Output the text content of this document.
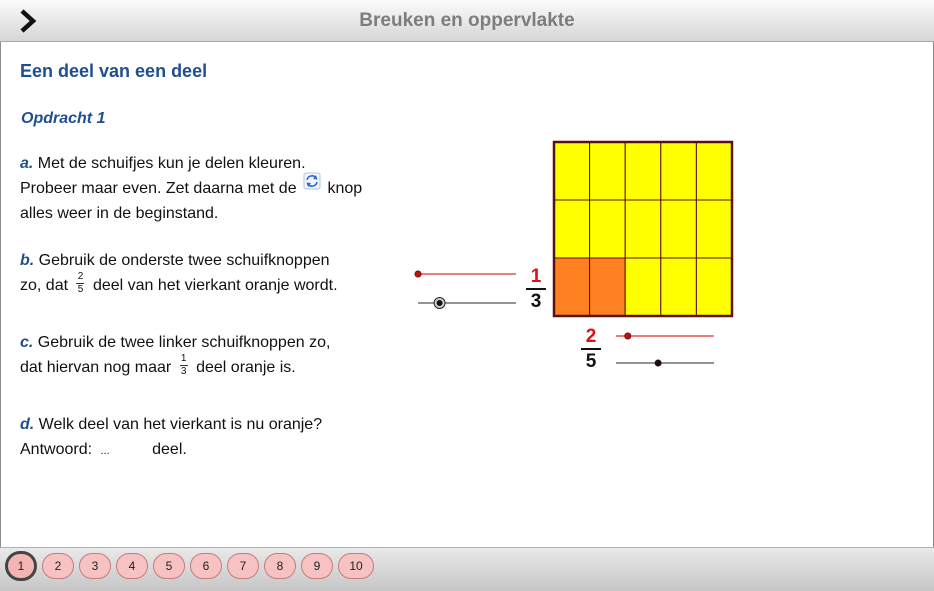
Breuken en oppervlakte
Een deel van een deel
Opdracht 1
a. Met de schuifjes kun je delen kleuren.
Probeer maar even. Zet daarna met de knop
alles weer in de beginstand.
b. Gebruik de onderste twee schuifknoppen
zo, dat $\frac{2}{5}$ deel van het vierkant oranje wordt.
c. Gebruik de twee linker schuifknoppen zo,
dat hiervan nog maar $\frac{1}{3}$ deel oranje is.
d. Welk deel van het vierkant is nu oranje?
Antwoord: ...	deel.
1
3
2
5
1	2	3	4	5	6	7	8	9	10
